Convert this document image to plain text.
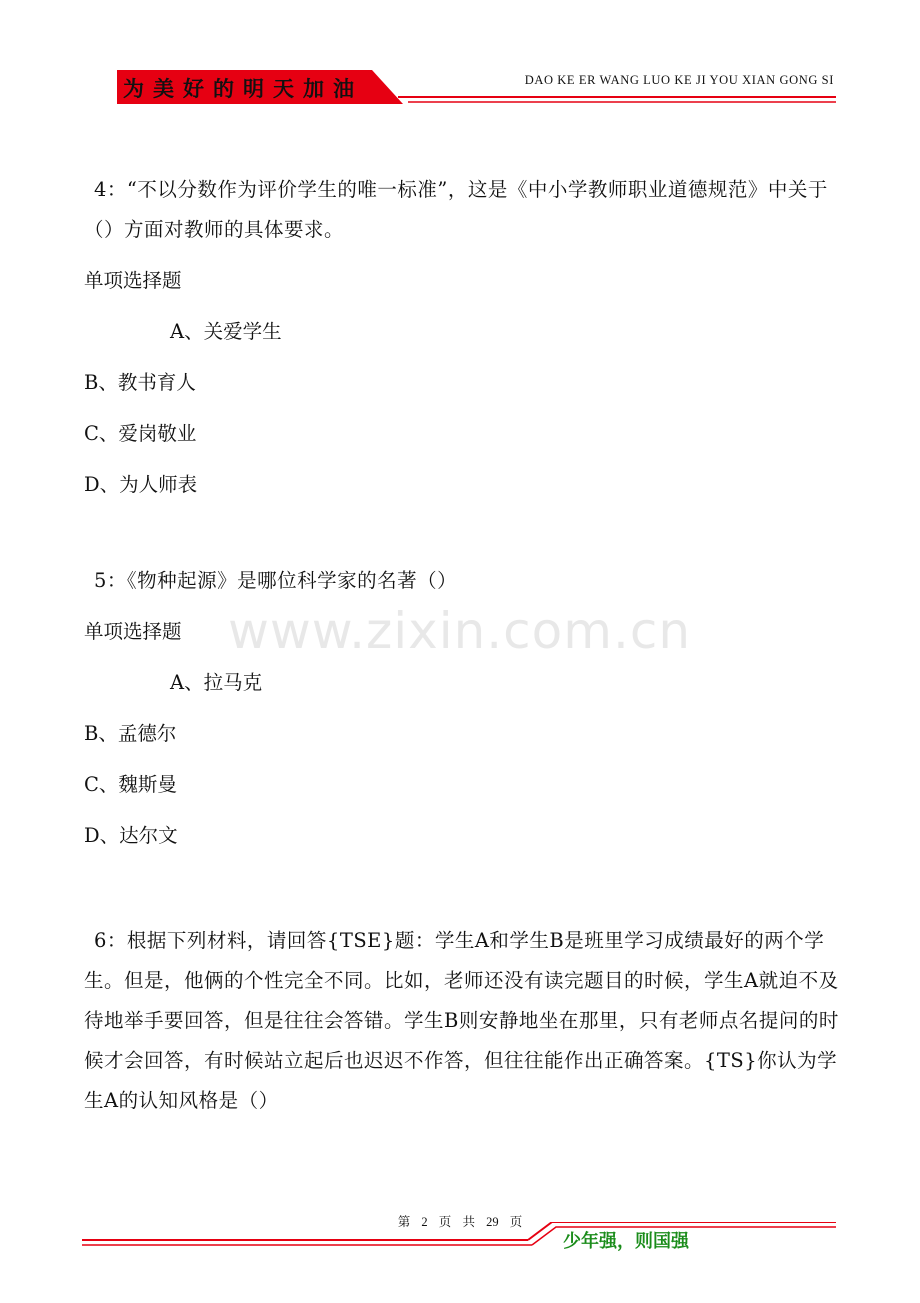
为美好的明天加油	DAO KE ER WANG LUO KE JI YOU XIAN GONG SI
www.zixin.com.cn

4：“不以分数作为评价学生的唯一标准”，这是《中小学教师职业道德规范》中关于（）方面对教师的具体要求。

单项选择题

A、关爱学生

B、教书育人

C、爱岗敬业

D、为人师表

5：《物种起源》是哪位科学家的名著（）

单项选择题

A、拉马克

B、孟德尔

C、魏斯曼

D、达尔文

6：根据下列材料，请回答{TSE}题：学生A和学生B是班里学习成绩最好的两个学生。但是，他俩的个性完全不同。比如，老师还没有读完题目的时候，学生A就迫不及待地举手要回答，但是往往会答错。学生B则安静地坐在那里，只有老师点名提问的时候才会回答，有时候站立起后也迟迟不作答，但往往能作出正确答案。{TS}你认为学生A的认知风格是（）

第 2 页 共 29 页
少年强，则国强
